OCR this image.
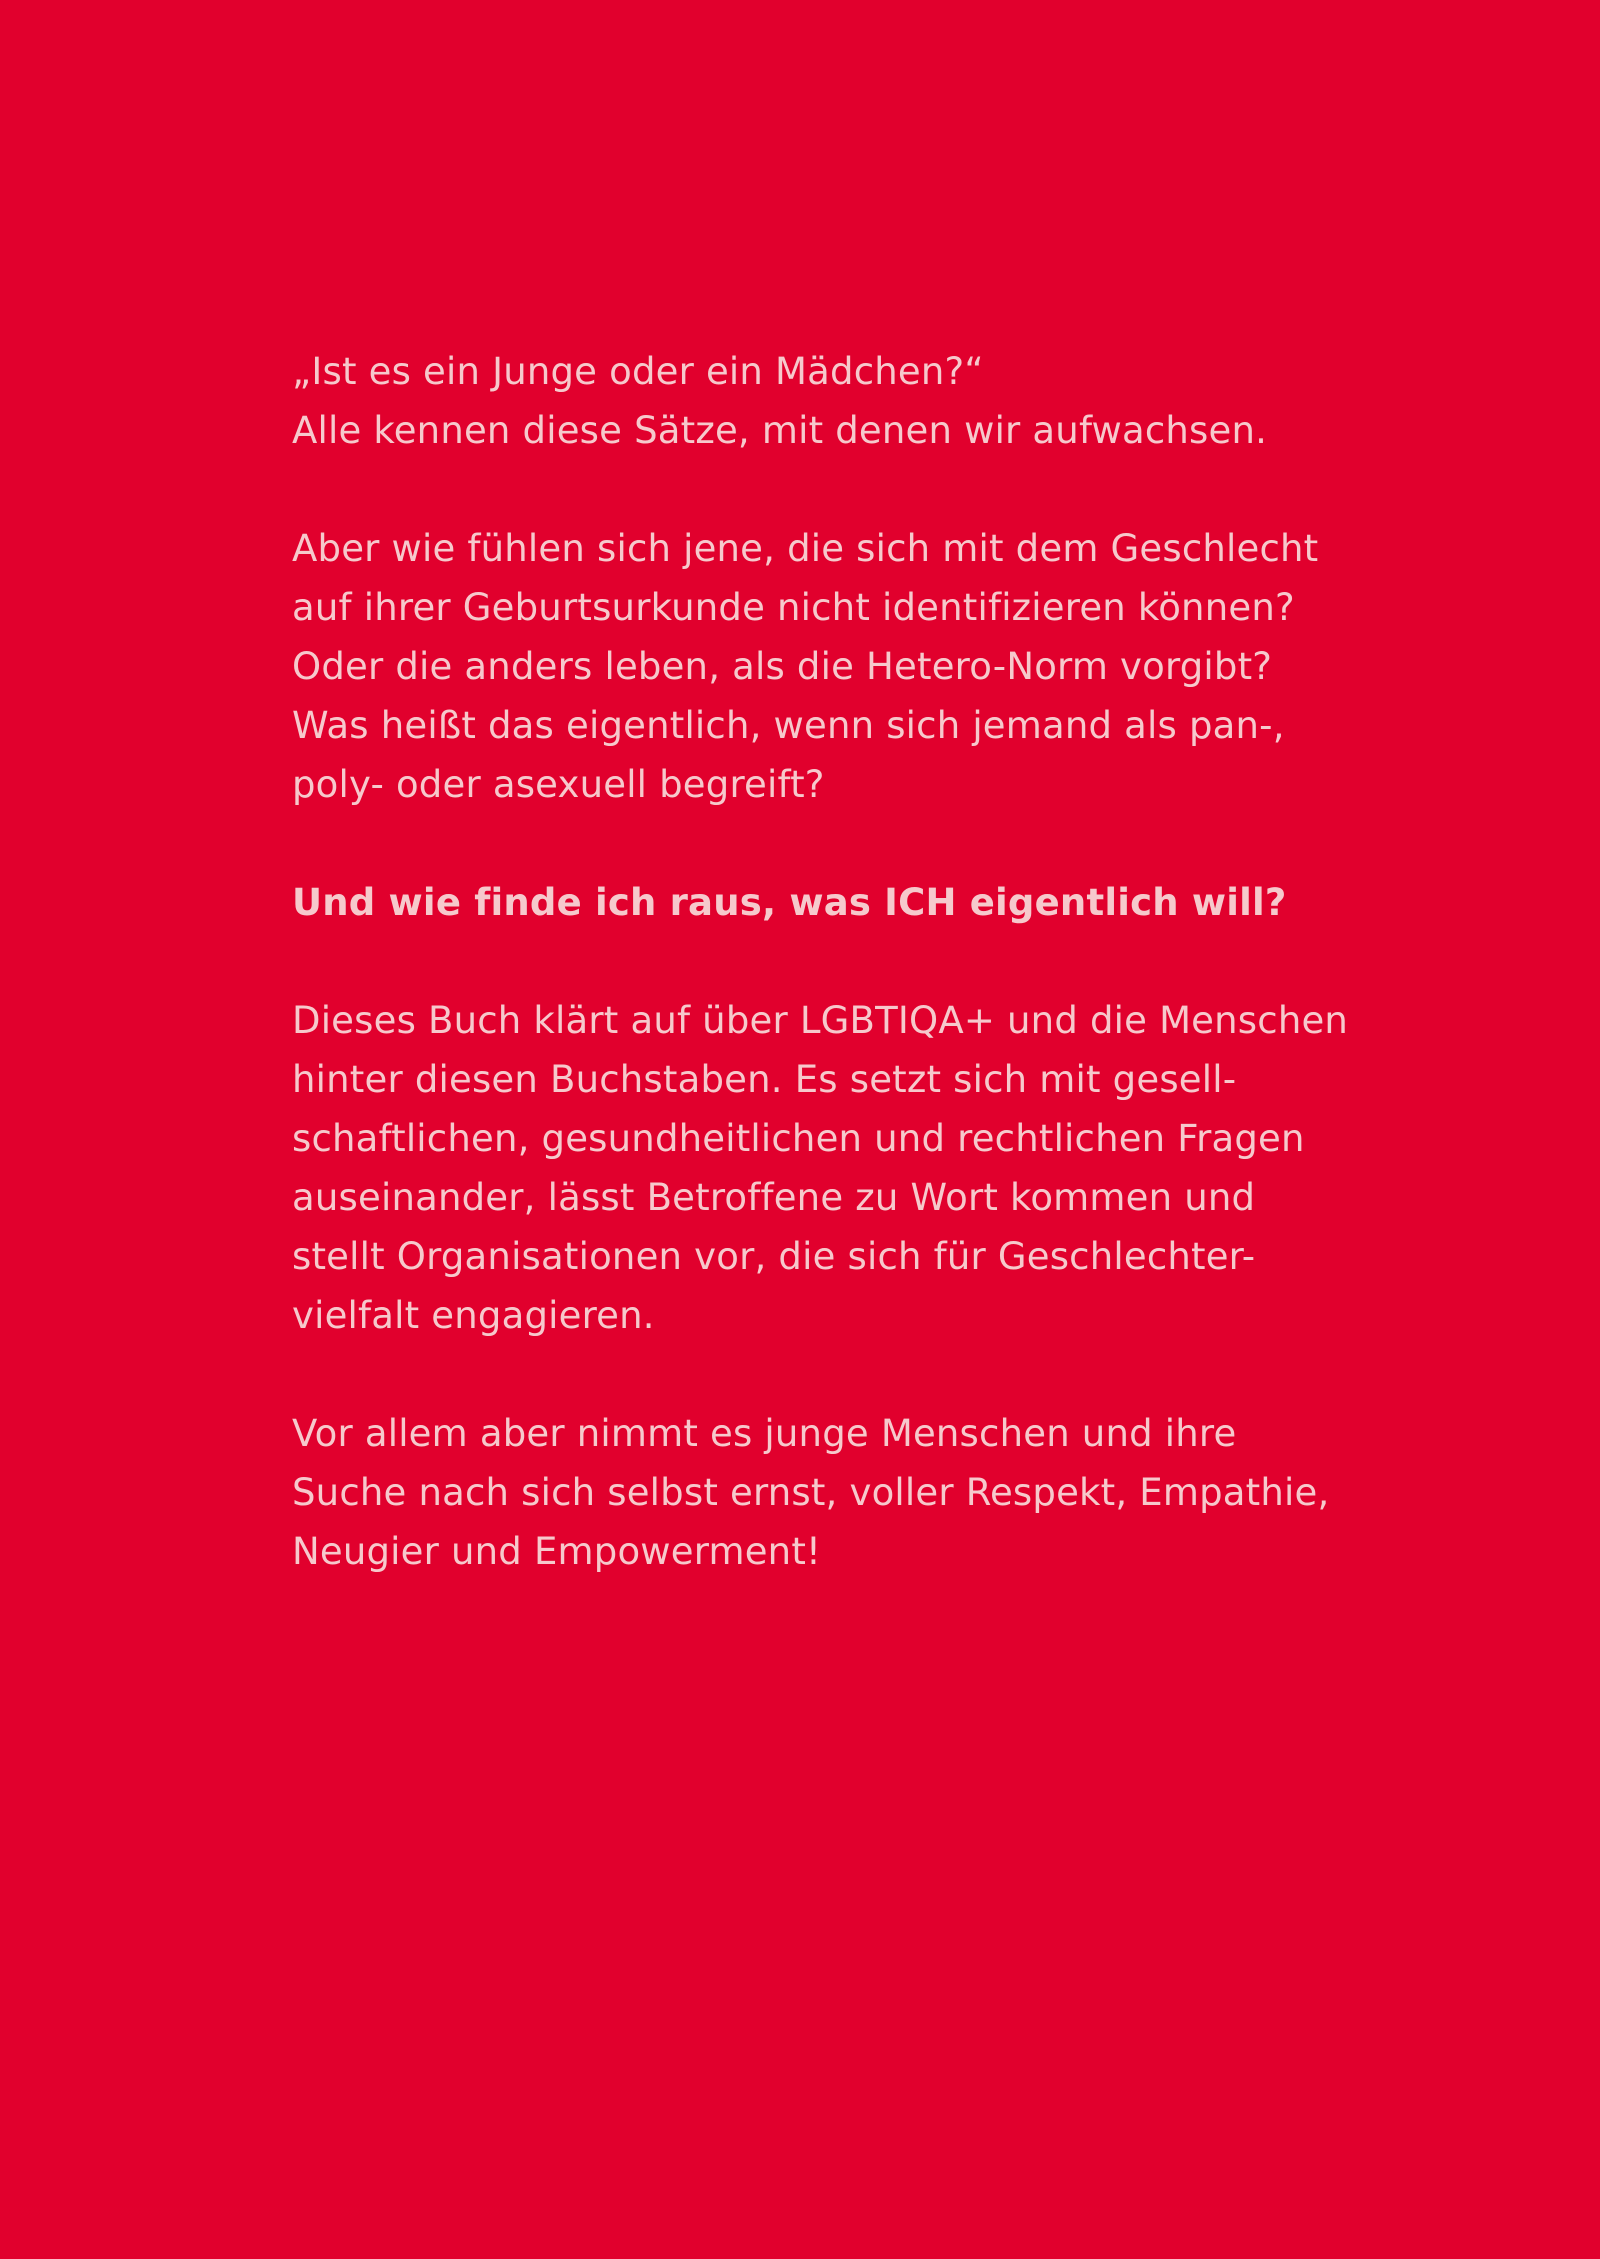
„Ist es ein Junge oder ein Mädchen?“
Alle kennen diese Sätze, mit denen wir aufwachsen.

Aber wie fühlen sich jene, die sich mit dem Geschlecht
auf ihrer Geburtsurkunde nicht identifizieren können?
Oder die anders leben, als die Hetero-Norm vorgibt?
Was heißt das eigentlich, wenn sich jemand als pan-,
poly- oder asexuell begreift?

Und wie finde ich raus, was ICH eigentlich will?

Dieses Buch klärt auf über LGBTIQA+ und die Menschen
hinter diesen Buchstaben. Es setzt sich mit gesell-
schaftlichen, gesundheitlichen und rechtlichen Fragen
auseinander, lässt Betroffene zu Wort kommen und
stellt Organisationen vor, die sich für Geschlechter-
vielfalt engagieren.

Vor allem aber nimmt es junge Menschen und ihre
Suche nach sich selbst ernst, voller Respekt, Empathie,
Neugier und Empowerment!
